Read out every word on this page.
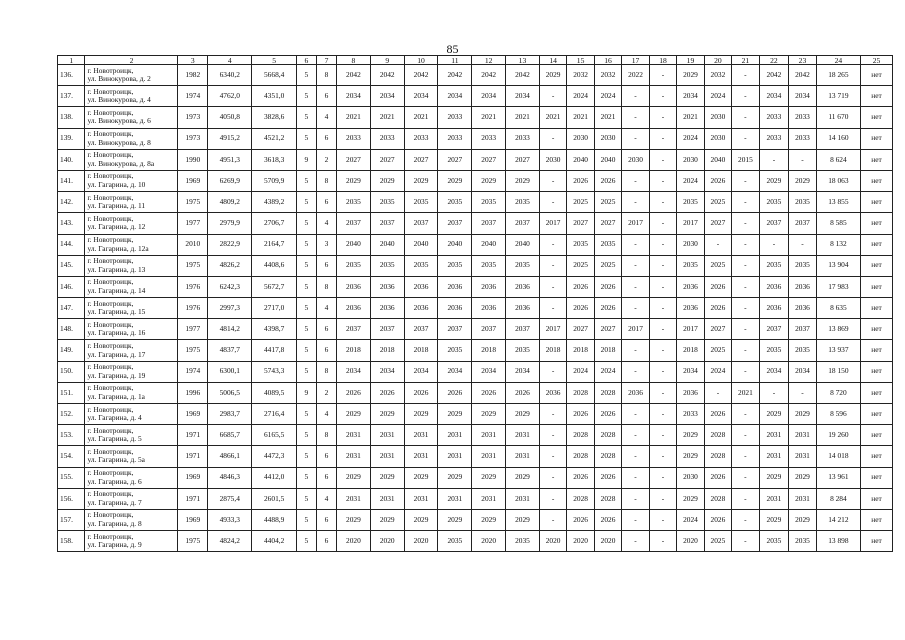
85
1	2	3	4	5	6	7	8	9	10	11	12	13	14	15	16	17	18	19	20	21	22	23	24	25
136.	г. Новотроицк,
ул. Винокурова, д. 2	1982	6340,2	5668,4	5	8	2042	2042	2042	2042	2042	2042	2029	2032	2032	2022	-	2029	2032	-	2042	2042	18 265	нет
137.	г. Новотроицк,
ул. Винокурова, д. 4	1974	4762,0	4351,0	5	6	2034	2034	2034	2034	2034	2034	-	2024	2024	-	-	2034	2024	-	2034	2034	13 719	нет
138.	г. Новотроицк,
ул. Винокурова, д. 6	1973	4050,8	3828,6	5	4	2021	2021	2021	2033	2021	2021	2021	2021	2021	-	-	2021	2030	-	2033	2033	11 670	нет
139.	г. Новотроицк,
ул. Винокурова, д. 8	1973	4915,2	4521,2	5	6	2033	2033	2033	2033	2033	2033	-	2030	2030	-	-	2024	2030	-	2033	2033	14 160	нет
140.	г. Новотроицк,
ул. Винокурова, д. 8а	1990	4951,3	3618,3	9	2	2027	2027	2027	2027	2027	2027	2030	2040	2040	2030	-	2030	2040	2015	-	-	8 624	нет
141.	г. Новотроицк,
ул. Гагарина, д. 10	1969	6269,9	5709,9	5	8	2029	2029	2029	2029	2029	2029	-	2026	2026	-	-	2024	2026	-	2029	2029	18 063	нет
142.	г. Новотроицк,
ул. Гагарина, д. 11	1975	4809,2	4389,2	5	6	2035	2035	2035	2035	2035	2035	-	2025	2025	-	-	2035	2025	-	2035	2035	13 855	нет
143.	г. Новотроицк,
ул. Гагарина, д. 12	1977	2979,9	2706,7	5	4	2037	2037	2037	2037	2037	2037	2017	2027	2027	2017	-	2017	2027	-	2037	2037	8 585	нет
144.	г. Новотроицк,
ул. Гагарина, д. 12а	2010	2822,9	2164,7	5	3	2040	2040	2040	2040	2040	2040	-	2035	2035	-	-	2030	-	-	-	-	8 132	нет
145.	г. Новотроицк,
ул. Гагарина, д. 13	1975	4826,2	4408,6	5	6	2035	2035	2035	2035	2035	2035	-	2025	2025	-	-	2035	2025	-	2035	2035	13 904	нет
146.	г. Новотроицк,
ул. Гагарина, д. 14	1976	6242,3	5672,7	5	8	2036	2036	2036	2036	2036	2036	-	2026	2026	-	-	2036	2026	-	2036	2036	17 983	нет
147.	г. Новотроицк,
ул. Гагарина, д. 15	1976	2997,3	2717,0	5	4	2036	2036	2036	2036	2036	2036	-	2026	2026	-	-	2036	2026	-	2036	2036	8 635	нет
148.	г. Новотроицк,
ул. Гагарина, д. 16	1977	4814,2	4398,7	5	6	2037	2037	2037	2037	2037	2037	2017	2027	2027	2017	-	2017	2027	-	2037	2037	13 869	нет
149.	г. Новотроицк,
ул. Гагарина, д. 17	1975	4837,7	4417,8	5	6	2018	2018	2018	2035	2018	2035	2018	2018	2018	-	-	2018	2025	-	2035	2035	13 937	нет
150.	г. Новотроицк,
ул. Гагарина, д. 19	1974	6300,1	5743,3	5	8	2034	2034	2034	2034	2034	2034	-	2024	2024	-	-	2034	2024	-	2034	2034	18 150	нет
151.	г. Новотроицк,
ул. Гагарина, д. 1а	1996	5006,5	4089,5	9	2	2026	2026	2026	2026	2026	2026	2036	2028	2028	2036	-	2036	-	2021	-	-	8 720	нет
152.	г. Новотроицк,
ул. Гагарина, д. 4	1969	2983,7	2716,4	5	4	2029	2029	2029	2029	2029	2029	-	2026	2026	-	-	2033	2026	-	2029	2029	8 596	нет
153.	г. Новотроицк,
ул. Гагарина, д. 5	1971	6685,7	6165,5	5	8	2031	2031	2031	2031	2031	2031	-	2028	2028	-	-	2029	2028	-	2031	2031	19 260	нет
154.	г. Новотроицк,
ул. Гагарина, д. 5а	1971	4866,1	4472,3	5	6	2031	2031	2031	2031	2031	2031	-	2028	2028	-	-	2029	2028	-	2031	2031	14 018	нет
155.	г. Новотроицк,
ул. Гагарина, д. 6	1969	4846,3	4412,0	5	6	2029	2029	2029	2029	2029	2029	-	2026	2026	-	-	2030	2026	-	2029	2029	13 961	нет
156.	г. Новотроицк,
ул. Гагарина, д. 7	1971	2875,4	2601,5	5	4	2031	2031	2031	2031	2031	2031	-	2028	2028	-	-	2029	2028	-	2031	2031	8 284	нет
157.	г. Новотроицк,
ул. Гагарина, д. 8	1969	4933,3	4488,9	5	6	2029	2029	2029	2029	2029	2029	-	2026	2026	-	-	2024	2026	-	2029	2029	14 212	нет
158.	г. Новотроицк,
ул. Гагарина, д. 9	1975	4824,2	4404,2	5	6	2020	2020	2020	2035	2020	2035	2020	2020	2020	-	-	2020	2025	-	2035	2035	13 898	нет
